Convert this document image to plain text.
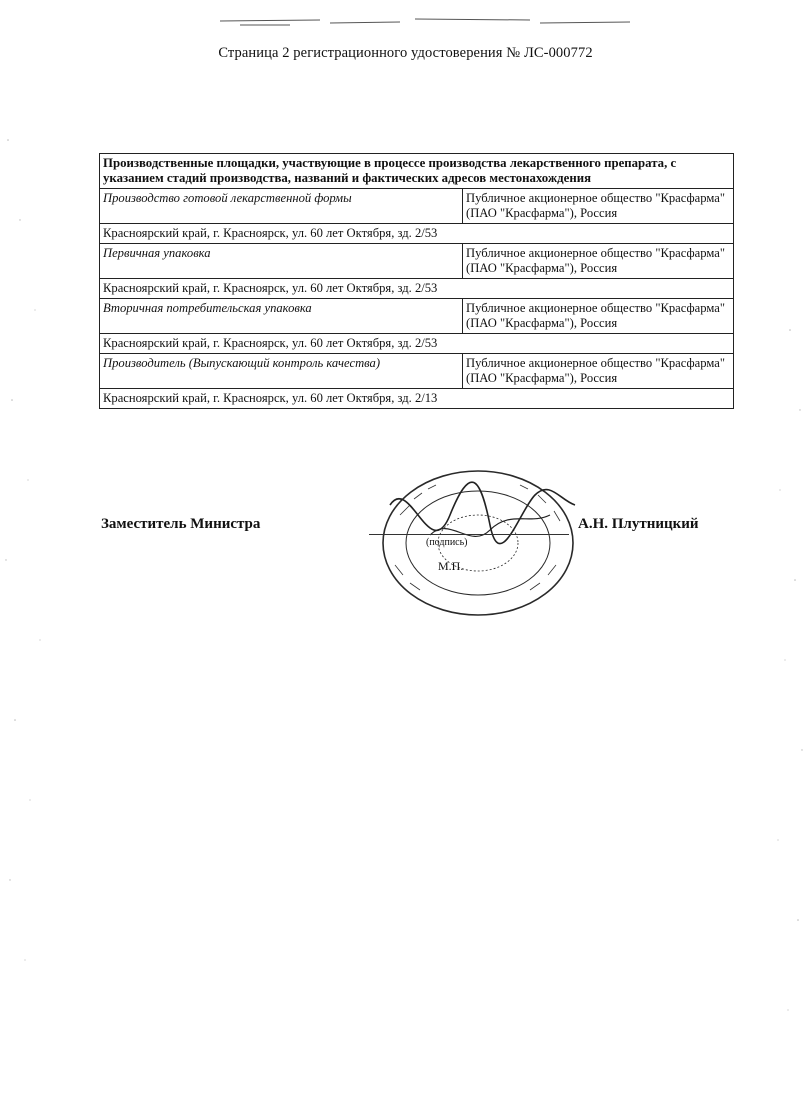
Страница 2 регистрационного удостоверения № ЛС-000772
Производственные площадки, участвующие в процессе производства лекарственного препарата, с указанием стадий производства, названий и фактических адресов местонахождения	
Производство готовой лекарственной формы	Публичное акционерное общество "Красфарма" (ПАО "Красфарма"), Россия
Красноярский край, г. Красноярск, ул. 60 лет Октября, зд. 2/53	
Первичная упаковка	Публичное акционерное общество "Красфарма" (ПАО "Красфарма"), Россия
Красноярский край, г. Красноярск, ул. 60 лет Октября, зд. 2/53	
Вторичная потребительская упаковка	Публичное акционерное общество "Красфарма" (ПАО "Красфарма"), Россия
Красноярский край, г. Красноярск, ул. 60 лет Октября, зд. 2/53	
Производитель (Выпускающий контроль качества)	Публичное акционерное общество "Красфарма" (ПАО "Красфарма"), Россия
Красноярский край, г. Красноярск, ул. 60 лет Октября, зд. 2/13	
Заместитель Министра
(подпись)
М.П.
А.Н. Плутницкий
